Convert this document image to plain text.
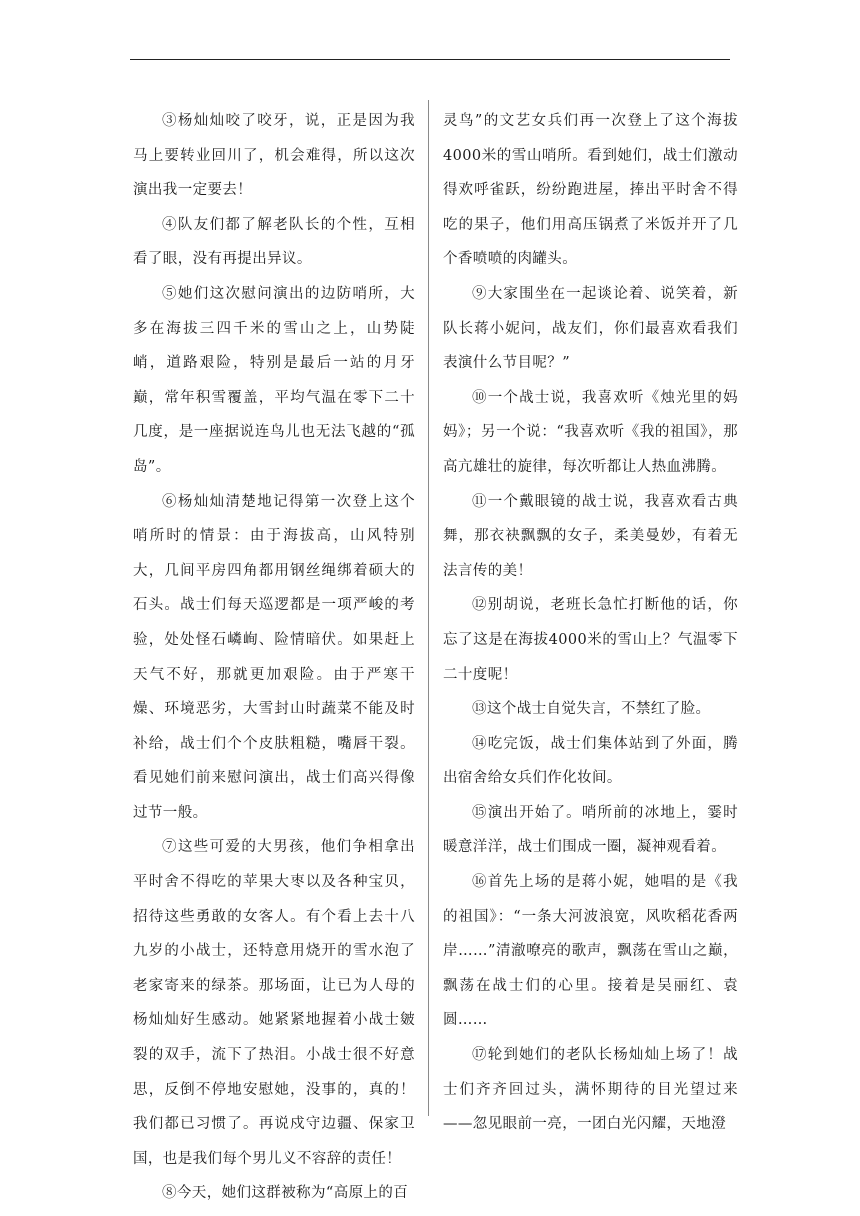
③杨灿灿咬了咬牙，说，正是因为我马上要转业回川了，机会难得，所以这次演出我一定要去！

④队友们都了解老队长的个性，互相看了眼，没有再提出异议。

⑤她们这次慰问演出的边防哨所，大多在海拔三四千米的雪山之上，山势陡峭，道路艰险，特别是最后一站的月牙巅，常年积雪覆盖，平均气温在零下二十几度，是一座据说连鸟儿也无法飞越的“孤岛”。

⑥杨灿灿清楚地记得第一次登上这个哨所时的情景：由于海拔高，山风特别大，几间平房四角都用钢丝绳绑着硕大的石头。战士们每天巡逻都是一项严峻的考验，处处怪石嶙峋、险情暗伏。如果赶上天气不好，那就更加艰险。由于严寒干燥、环境恶劣，大雪封山时蔬菜不能及时补给，战士们个个皮肤粗糙，嘴唇干裂。看见她们前来慰问演出，战士们高兴得像过节一般。

⑦这些可爱的大男孩，他们争相拿出平时舍不得吃的苹果大枣以及各种宝贝，招待这些勇敢的女客人。有个看上去十八九岁的小战士，还特意用烧开的雪水泡了老家寄来的绿茶。那场面，让已为人母的杨灿灿好生感动。她紧紧地握着小战士皴裂的双手，流下了热泪。小战士很不好意思，反倒不停地安慰她，没事的，真的！我们都已习惯了。再说戍守边疆、保家卫国，也是我们每个男儿义不容辞的责任！

⑧今天，她们这群被称为“高原上的百

灵鸟”的文艺女兵们再一次登上了这个海拔4000米的雪山哨所。看到她们，战士们激动得欢呼雀跃，纷纷跑进屋，捧出平时舍不得吃的果子，他们用高压锅煮了米饭并开了几个香喷喷的肉罐头。

⑨大家围坐在一起谈论着、说笑着，新队长蒋小妮问，战友们，你们最喜欢看我们表演什么节目呢？”

⑩一个战士说，我喜欢听《烛光里的妈妈》；另一个说：“我喜欢听《我的祖国》，那高亢雄壮的旋律，每次听都让人热血沸腾。

⑪一个戴眼镜的战士说，我喜欢看古典舞，那衣袂飘飘的女子，柔美曼妙，有着无法言传的美！

⑫别胡说，老班长急忙打断他的话，你忘了这是在海拔4000米的雪山上？气温零下二十度呢！

⑬这个战士自觉失言，不禁红了脸。

⑭吃完饭，战士们集体站到了外面，腾出宿舍给女兵们作化妆间。

⑮演出开始了。哨所前的冰地上，霎时暖意洋洋，战士们围成一圈，凝神观看着。

⑯首先上场的是蒋小妮，她唱的是《我的祖国》：“一条大河波浪宽，风吹稻花香两岸……”清澈嘹亮的歌声，飘荡在雪山之巅，飘荡在战士们的心里。接着是吴丽红、袁圆……

⑰轮到她们的老队长杨灿灿上场了！战士们齐齐回过头，满怀期待的目光望过来——忽见眼前一亮，一团白光闪耀，天地澄
